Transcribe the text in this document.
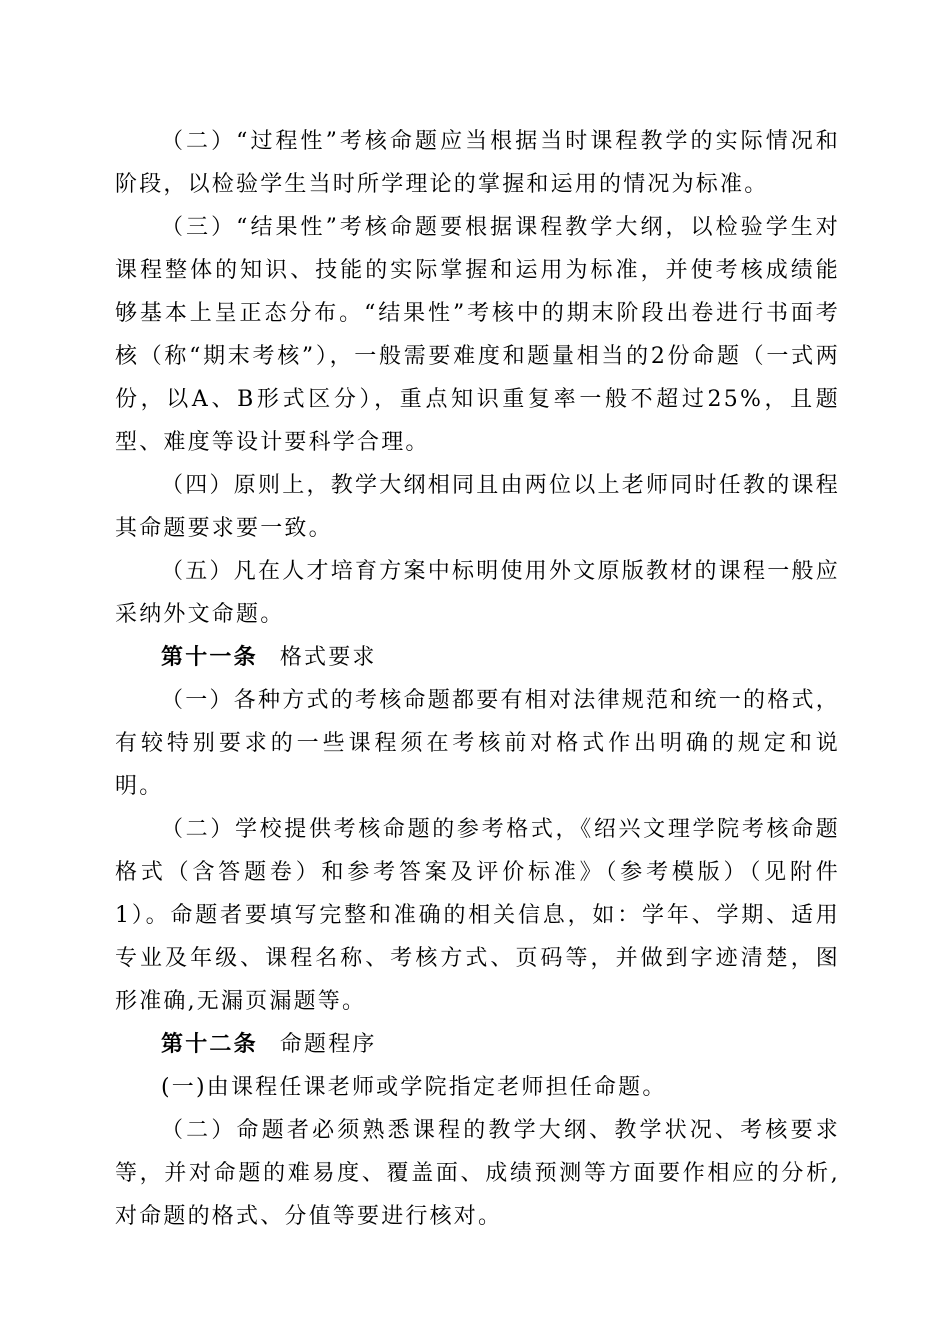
（二）“过程性”考核命题应当根据当时课程教学的实际情况和阶段，以检验学生当时所学理论的掌握和运用的情况为标准。

（三）“结果性”考核命题要根据课程教学大纲，以检验学生对课程整体的知识、技能的实际掌握和运用为标准，并使考核成绩能够基本上呈正态分布。“结果性”考核中的期末阶段出卷进行书面考核（称“期末考核”），一般需要难度和题量相当的2份命题（一式两份，以A、B形式区分），重点知识重复率一般不超过25%，且题型、难度等设计要科学合理。

（四）原则上，教学大纲相同且由两位以上老师同时任教的课程其命题要求要一致。

（五）凡在人才培育方案中标明使用外文原版教材的课程一般应采纳外文命题。

第十一条 格式要求

（一）各种方式的考核命题都要有相对法律规范和统一的格式，有较特别要求的一些课程须在考核前对格式作出明确的规定和说明。

（二）学校提供考核命题的参考格式，《绍兴文理学院考核命题格式（含答题卷）和参考答案及评价标准》（参考模版）（见附件1）。命题者要填写完整和准确的相关信息，如：学年、学期、适用专业及年级、课程名称、考核方式、页码等，并做到字迹清楚，图形准确,无漏页漏题等。

第十二条 命题程序

(一)由课程任课老师或学院指定老师担任命题。

（二）命题者必须熟悉课程的教学大纲、教学状况、考核要求等，并对命题的难易度、覆盖面、成绩预测等方面要作相应的分析,对命题的格式、分值等要进行核对。
